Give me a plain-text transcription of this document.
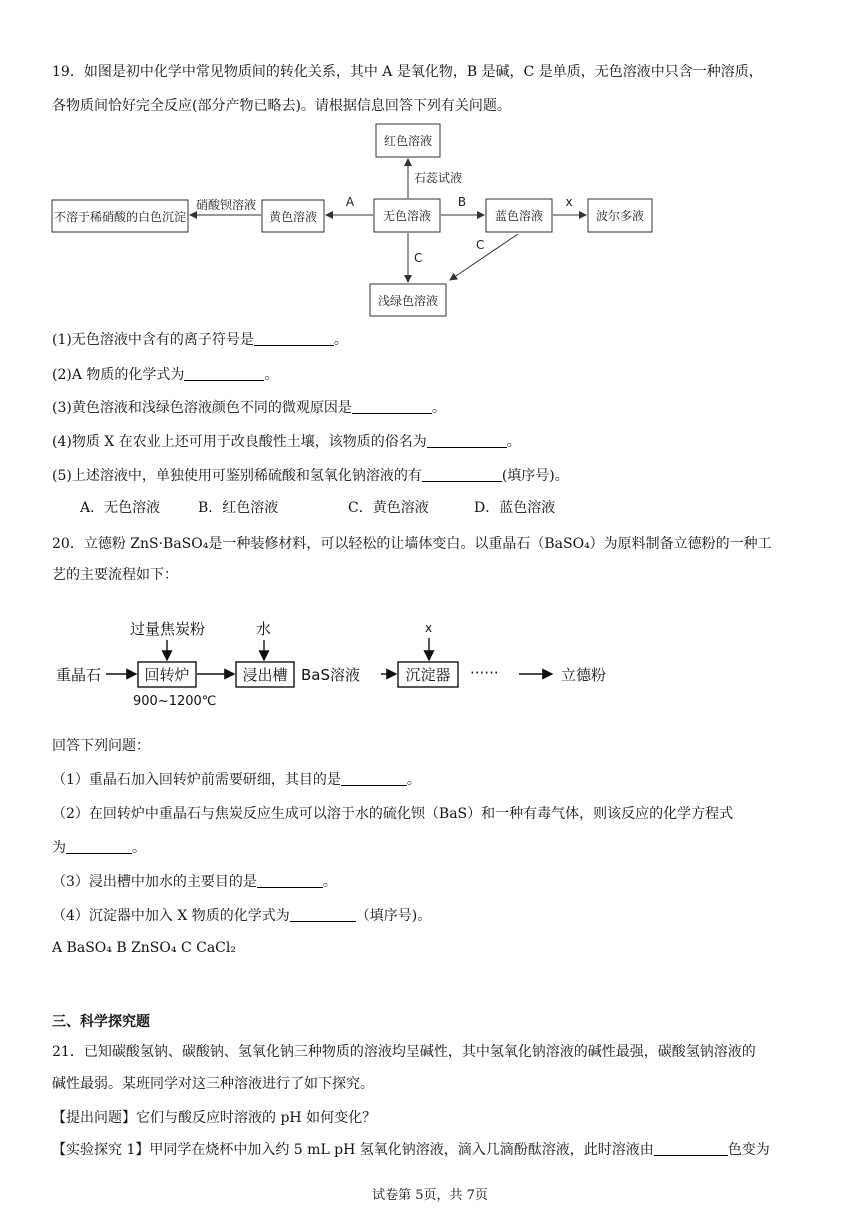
19．如图是初中化学中常见物质间的转化关系，其中 A 是氧化物，B 是碱，C 是单质，无色溶液中只含一种溶质，
各物质间恰好完全反应(部分产物已略去)。请根据信息回答下列有关问题。
红色溶液
石蕊试液
不溶于稀硝酸的白色沉淀
硝酸钡溶液
黄色溶液
A
无色溶液
B
蓝色溶液
x
波尔多液
C
C
浅绿色溶液
(1)无色溶液中含有的离子符号是	。
(2)A 物质的化学式为	。
(3)黄色溶液和浅绿色溶液颜色不同的微观原因是	。
(4)物质 X 在农业上还可用于改良酸性土壤，该物质的俗名为	。
(5)上述溶液中，单独使用可鉴别稀硫酸和氢氧化钠溶液的有	(填序号)。
A．无色溶液	B．红色溶液	C．黄色溶液	D．蓝色溶液
20．立德粉 ZnS·BaSO₄是一种装修材料，可以轻松的让墙体变白。以重晶石（BaSO₄）为原料制备立德粉的一种工
艺的主要流程如下：
过量焦炭粉	水	x
重晶石	回转炉	浸出槽 BaS溶液	沉淀器 ······	立德粉
900~1200℃
回答下列问题：
（1）重晶石加入回转炉前需要研细，其目的是	。
（2）在回转炉中重晶石与焦炭反应生成可以溶于水的硫化钡（BaS）和一种有毒气体，则该反应的化学方程式
为	。
（3）浸出槽中加水的主要目的是	。
（4）沉淀器中加入 X 物质的化学式为	（填序号)。
A BaSO₄ B ZnSO₄ C CaCl₂
三、科学探究题
21．已知碳酸氢钠、碳酸钠、氢氧化钠三种物质的溶液均呈碱性，其中氢氧化钠溶液的碱性最强，碳酸氢钠溶液的
碱性最弱。某班同学对这三种溶液进行了如下探究。
【提出问题】它们与酸反应时溶液的 pH 如何变化？
【实验探究 1】甲同学在烧杯中加入约 5 mL pH 氢氧化钠溶液，滴入几滴酚酞溶液，此时溶液由	色变为
试卷第 5页，共 7页
